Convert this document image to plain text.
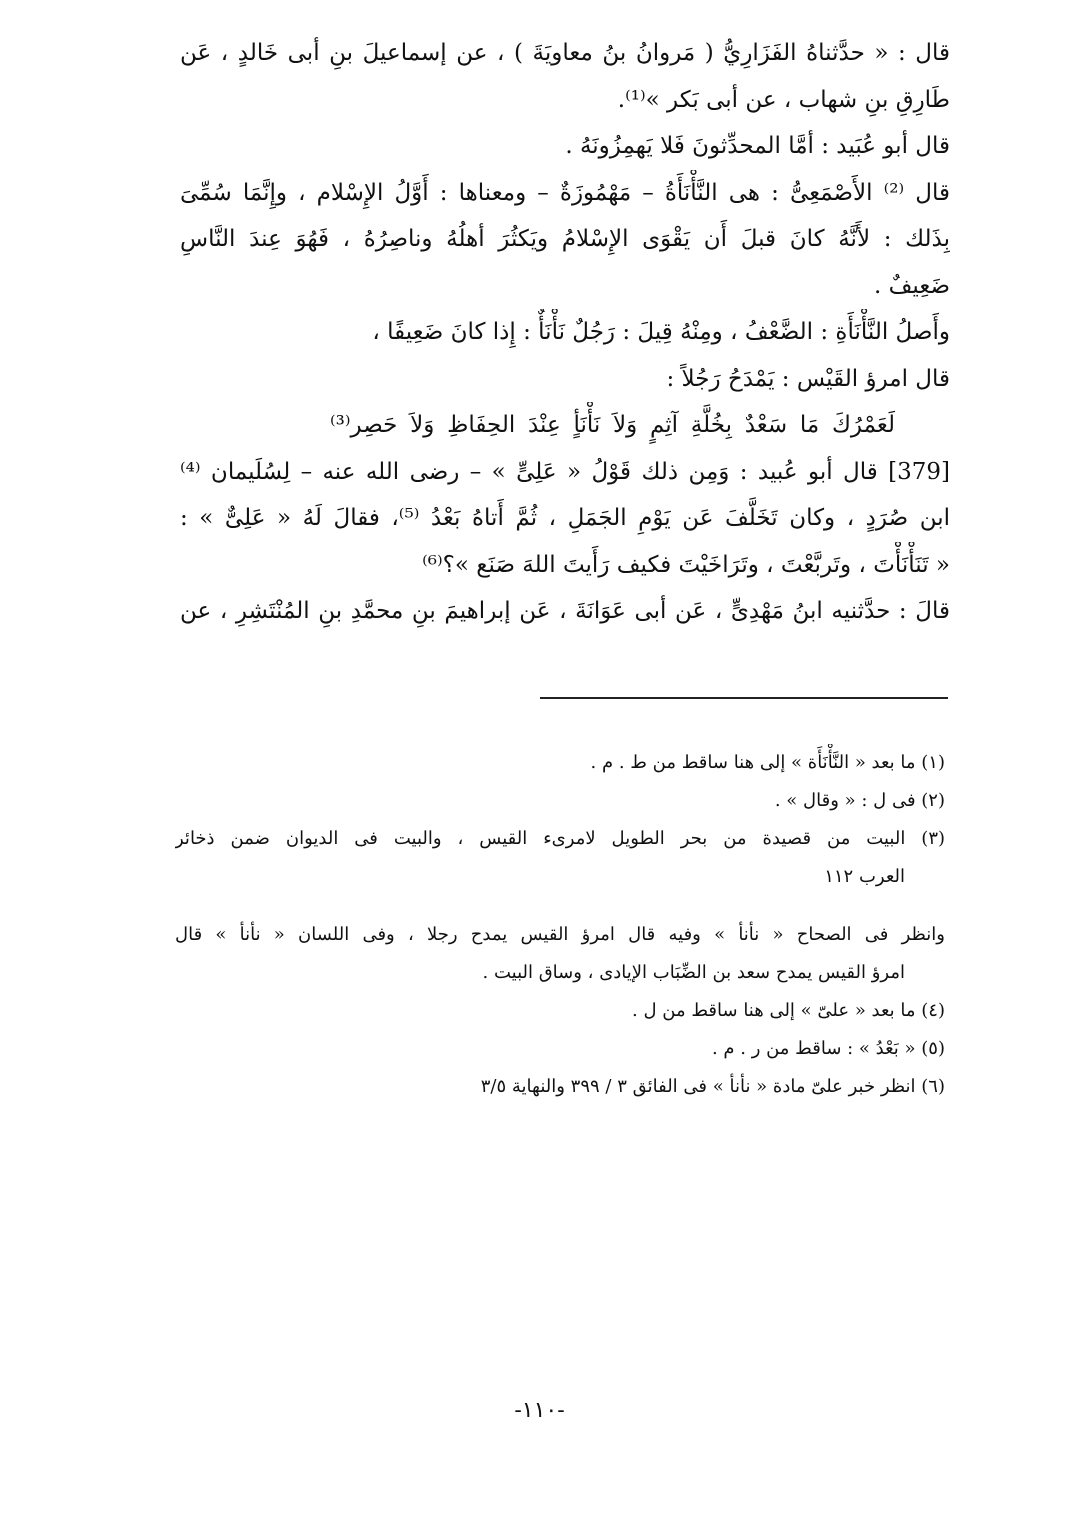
قال : « حدَّثناهُ الفَزَارِيُّ ( مَروانُ بنُ معاويَةَ ) ، عن إسماعيلَ بنِ أبى خَالدٍ ، عَن
طَارِقِ بنِ شهاب ، عن أبى بَكر »⁽¹⁾.
قال أبو عُبَيد : أمَّا المحدِّثونَ فَلا يَهمِزُونَهُ .
قال ⁽²⁾ الأَصْمَعِىُّ : هى النَّأْنَأَةُ – مَهْمُوزَةٌ – ومعناها : أَوَّلُ الإِسْلام ، وإِنَّمَا سُمِّىَ
بِذَلك : لأَنَّهُ كانَ قبلَ أَن يَقْوَى الإِسْلامُ ويَكثُرَ أهلُهُ وناصِرُهُ ، فَهُوَ عِندَ النَّاسِ
ضَعِيفٌ .
وأَصلُ النَّأْنَأَةِ : الضَّعْفُ ، ومِنْهُ قِيلَ : رَجُلٌ نَأْنَأٌ : إِذا كانَ ضَعِيفًا ،
قال امرؤ القَيْس : يَمْدَحُ رَجُلاً :
لَعَمْرُكَ مَا سَعْدٌ بِخُلَّةِ آثِمٍ وَلاَ نَأْنَأٍ عِنْدَ الحِفَاظِ وَلاَ حَصِر⁽³⁾
[379] قال أبو عُبيد : وَمِن ذلك قَوْلُ « عَلِىٍّ » – رضى الله عنه – لِسُلَيمان ⁽⁴⁾
ابن صُرَدٍ ، وكان تَخَلَّفَ عَن يَوْمِ الجَمَلِ ، ثُمَّ أَتاهُ بَعْدُ ⁽⁵⁾، فقالَ لَهُ « عَلِىٌّ » :
« تَنَأْنَأْتَ ، وتَربَّعْتَ ، وتَرَاخَيْتَ فكيف رَأَيتَ اللهَ صَنَع »؟⁽⁶⁾
قالَ : حدَّثنيه ابنُ مَهْدِىٍّ ، عَن أبى عَوَانَةَ ، عَن إبراهيمَ بنِ محمَّدِ بنِ المُنْتَشِرِ ، عن
(١) ما بعد « النَّأْنَأَة » إلى هنا ساقط من ط . م .
(٢) فى ل : « وقال » .
(٣) البيت من قصيدة من بحر الطويل لامرىء القيس ، والبيت فى الديوان ضمن ذخائر
العرب ١١٢
وانظر فى الصحاح « نأنأ » وفيه قال امرؤ القيس يمدح رجلا ، وفى اللسان « نأنأ » قال
امرؤ القيس يمدح سعد بن الضِّبَاب الإيادى ، وساق البيت .
(٤) ما بعد « علىّ » إلى هنا ساقط من ل .
(٥) « بَعْدُ » : ساقط من ر . م .
(٦) انظر خبر علىّ مادة « نأنأ » فى الفائق ٣ / ٣٩٩ والنهاية ٣/٥
-١١٠-
